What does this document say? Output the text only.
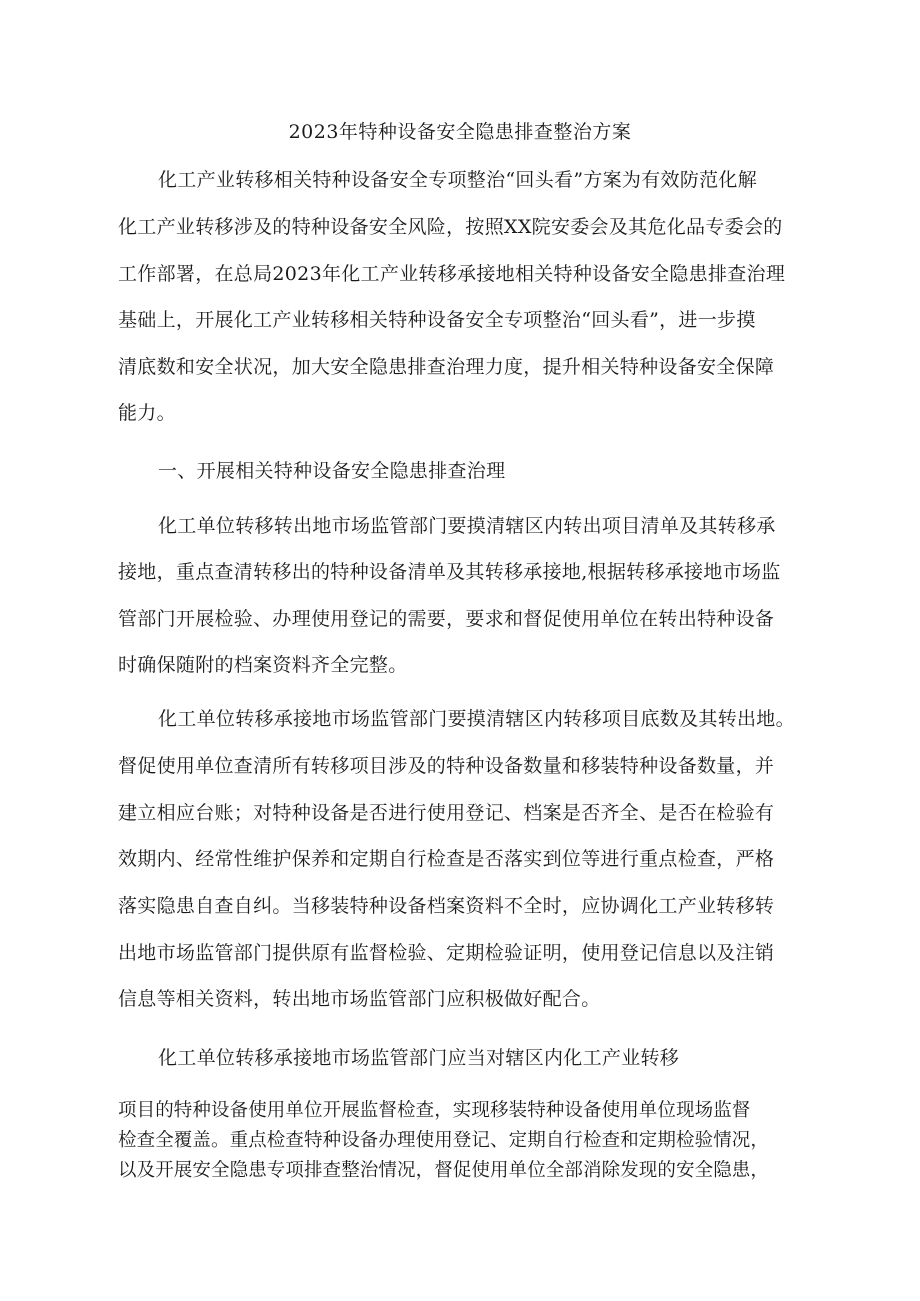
2023年特种设备安全隐患排查整治方案
化工产业转移相关特种设备安全专项整治“回头看”方案为有效防范化解
化工产业转移涉及的特种设备安全风险，按照XX院安委会及其危化品专委会的
工作部署，在总局2023年化工产业转移承接地相关特种设备安全隐患排查治理
基础上，开展化工产业转移相关特种设备安全专项整治“回头看”，进一步摸
清底数和安全状况，加大安全隐患排查治理力度，提升相关特种设备安全保障
能力。
一、开展相关特种设备安全隐患排查治理
化工单位转移转出地市场监管部门要摸清辖区内转出项目清单及其转移承
接地，重点查清转移出的特种设备清单及其转移承接地,根据转移承接地市场监
管部门开展检验、办理使用登记的需要，要求和督促使用单位在转出特种设备
时确保随附的档案资料齐全完整。
化工单位转移承接地市场监管部门要摸清辖区内转移项目底数及其转出地。
督促使用单位查清所有转移项目涉及的特种设备数量和移装特种设备数量，并
建立相应台账；对特种设备是否进行使用登记、档案是否齐全、是否在检验有
效期内、经常性维护保养和定期自行检查是否落实到位等进行重点检查，严格
落实隐患自查自纠。当移装特种设备档案资料不全时，应协调化工产业转移转
出地市场监管部门提供原有监督检验、定期检验证明，使用登记信息以及注销
信息等相关资料，转出地市场监管部门应积极做好配合。
化工单位转移承接地市场监管部门应当对辖区内化工产业转移
项目的特种设备使用单位开展监督检查，实现移装特种设备使用单位现场监督
检查全覆盖。重点检查特种设备办理使用登记、定期自行检查和定期检验情况，
以及开展安全隐患专项排查整治情况，督促使用单位全部消除发现的安全隐患，
